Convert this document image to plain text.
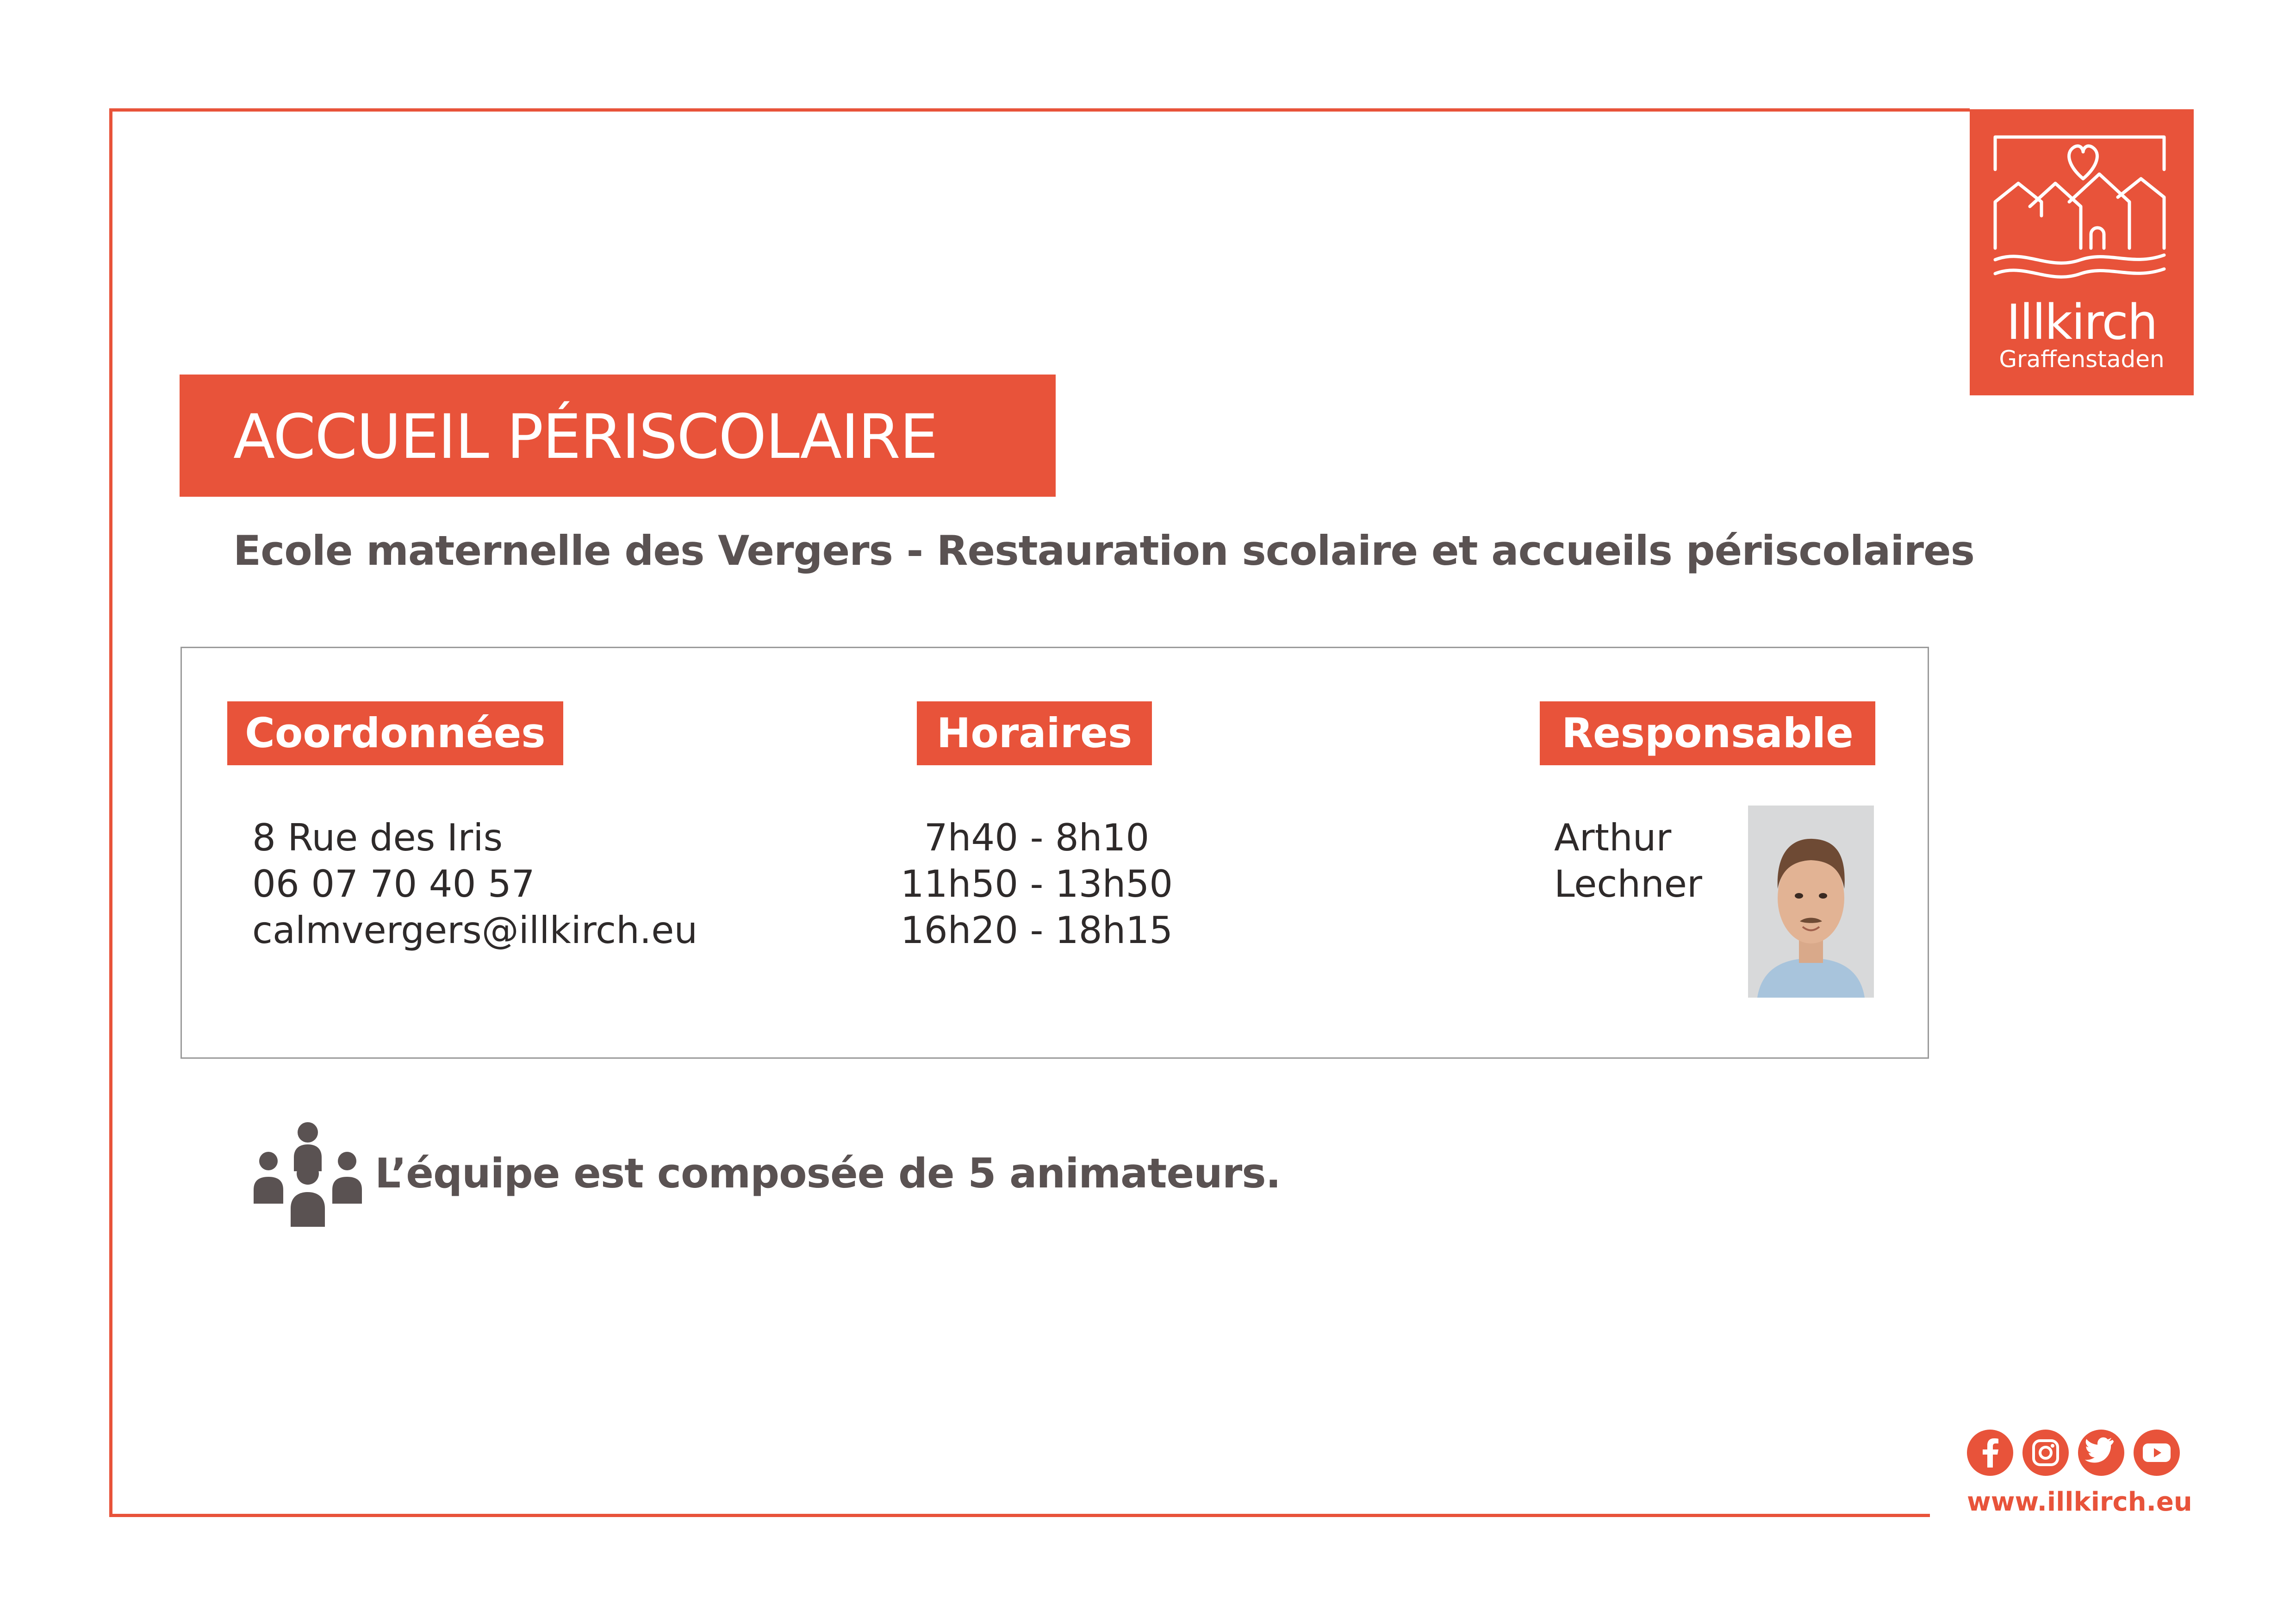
Illkirch
Graffenstaden
ACCUEIL PÉRISCOLAIRE
Ecole maternelle des Vergers - Restauration scolaire et accueils périscolaires
Coordonnées	Horaires	Responsable
8 Rue des Iris
06 07 70 40 57
calmvergers@illkirch.eu
7h40 - 8h10
11h50 - 13h50
16h20 - 18h15
Arthur
Lechner
L’équipe est composée de 5 animateurs.
www.illkirch.eu
